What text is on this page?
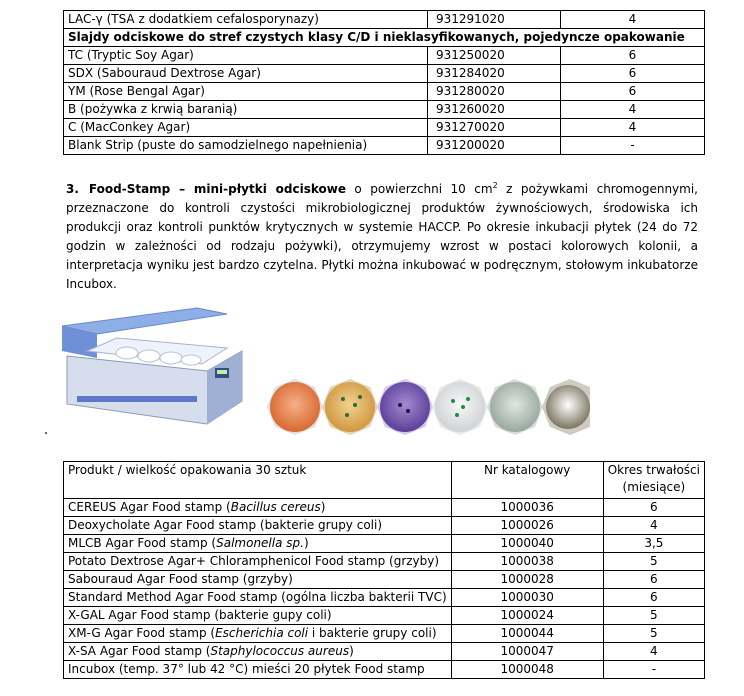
LAC-γ (TSA z dodatkiem cefalosporynazy)	931291020	4
Slajdy odciskowe do stref czystych klasy C/D i nieklasyfikowanych, pojedyncze opakowanie		
TC (Tryptic Soy Agar)	931250020	6
SDX (Sabouraud Dextrose Agar)	931284020	6
YM (Rose Bengal Agar)	931280020	6
B (pożywka z krwią baranią)	931260020	4
C (MacConkey Agar)	931270020	4
Blank Strip (puste do samodzielnego napełnienia)	931200020	-
3. Food-Stamp – mini-płytki odciskowe o powierzchni 10 $cm^2$ z pożywkami chromogennymi, przeznaczone do kontroli czystości mikrobiologicznej produktów żywnościowych, środowiska ich produkcji oraz kontroli punktów krytycznych w systemie HACCP. Po okresie inkubacji płytek (24 do 72 godzin w zależności od rodzaju pożywki), otrzymujemy wzrost w postaci kolorowych kolonii, a interpretacja wyniku jest bardzo czytelna. Płytki można inkubować w podręcznym, stołowym inkubatorze Incubox.
Produkt / wielkość opakowania 30 sztuk	Nr katalogowy	Okres trwałości
(miesiące)

CEREUS Agar Food stamp (Bacillus cereus)	1000036	6
Deoxycholate Agar Food stamp (bakterie grupy coli)	1000026	4
MLCB Agar Food stamp (Salmonella sp.)	1000040	3,5
Potato Dextrose Agar+ Chloramphenicol Food stamp (grzyby)	1000038	5
Sabouraud Agar Food stamp (grzyby)	1000028	6
Standard Method Agar Food stamp (ogólna liczba bakterii TVC)	1000030	6
X-GAL Agar Food stamp (bakterie gupy coli)	1000024	5
XM-G Agar Food stamp (Escherichia coli i bakterie grupy coli)	1000044	5
X-SA Agar Food stamp (Staphylococcus aureus)	1000047	4
Incubox (temp. 37° lub 42 °C) mieści 20 płytek Food stamp	1000048	-
